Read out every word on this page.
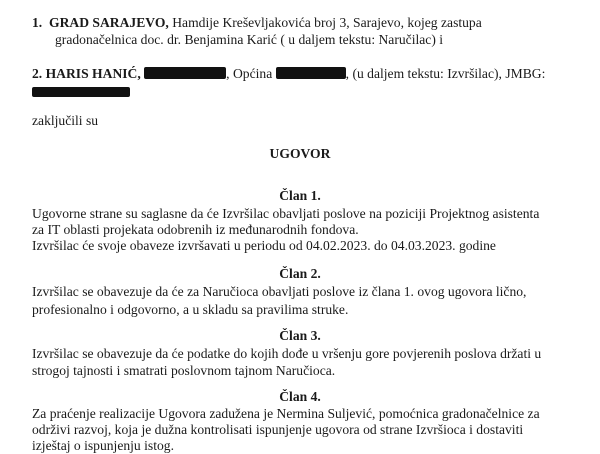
1. GRAD SARAJEVO, Hamdije Kreševljakovića broj 3, Sarajevo, kojeg zastupa
gradonačelnica doc. dr. Benjamina Karić ( u daljem tekstu: Naručilac) i
2. HARIS HANIĆ,	, Općina	, (u daljem tekstu: Izvršilac), JMBG:
zaključili su
UGOVOR
Član 1.
Ugovorne strane su saglasne da će Izvršilac obavljati poslove na poziciji Projektnog asistenta
za IT oblasti projekata odobrenih iz međunarodnih fondova.
Izvršilac će svoje obaveze izvršavati u periodu od 04.02.2023. do 04.03.2023. godine
Član 2.
Izvršilac se obavezuje da će za Naručioca obavljati poslove iz člana 1. ovog ugovora lično,
profesionalno i odgovorno, a u skladu sa pravilima struke.
Član 3.
Izvršilac se obavezuje da će podatke do kojih dođe u vršenju gore povjerenih poslova držati u
strogoj tajnosti i smatrati poslovnom tajnom Naručioca.
Član 4.
Za praćenje realizacije Ugovora zadužena je Nermina Suljević, pomoćnica gradonačelnice za
održivi razvoj, koja je dužna kontrolisati ispunjenje ugovora od strane Izvršioca i dostaviti
izještaj o ispunjenju istog.
